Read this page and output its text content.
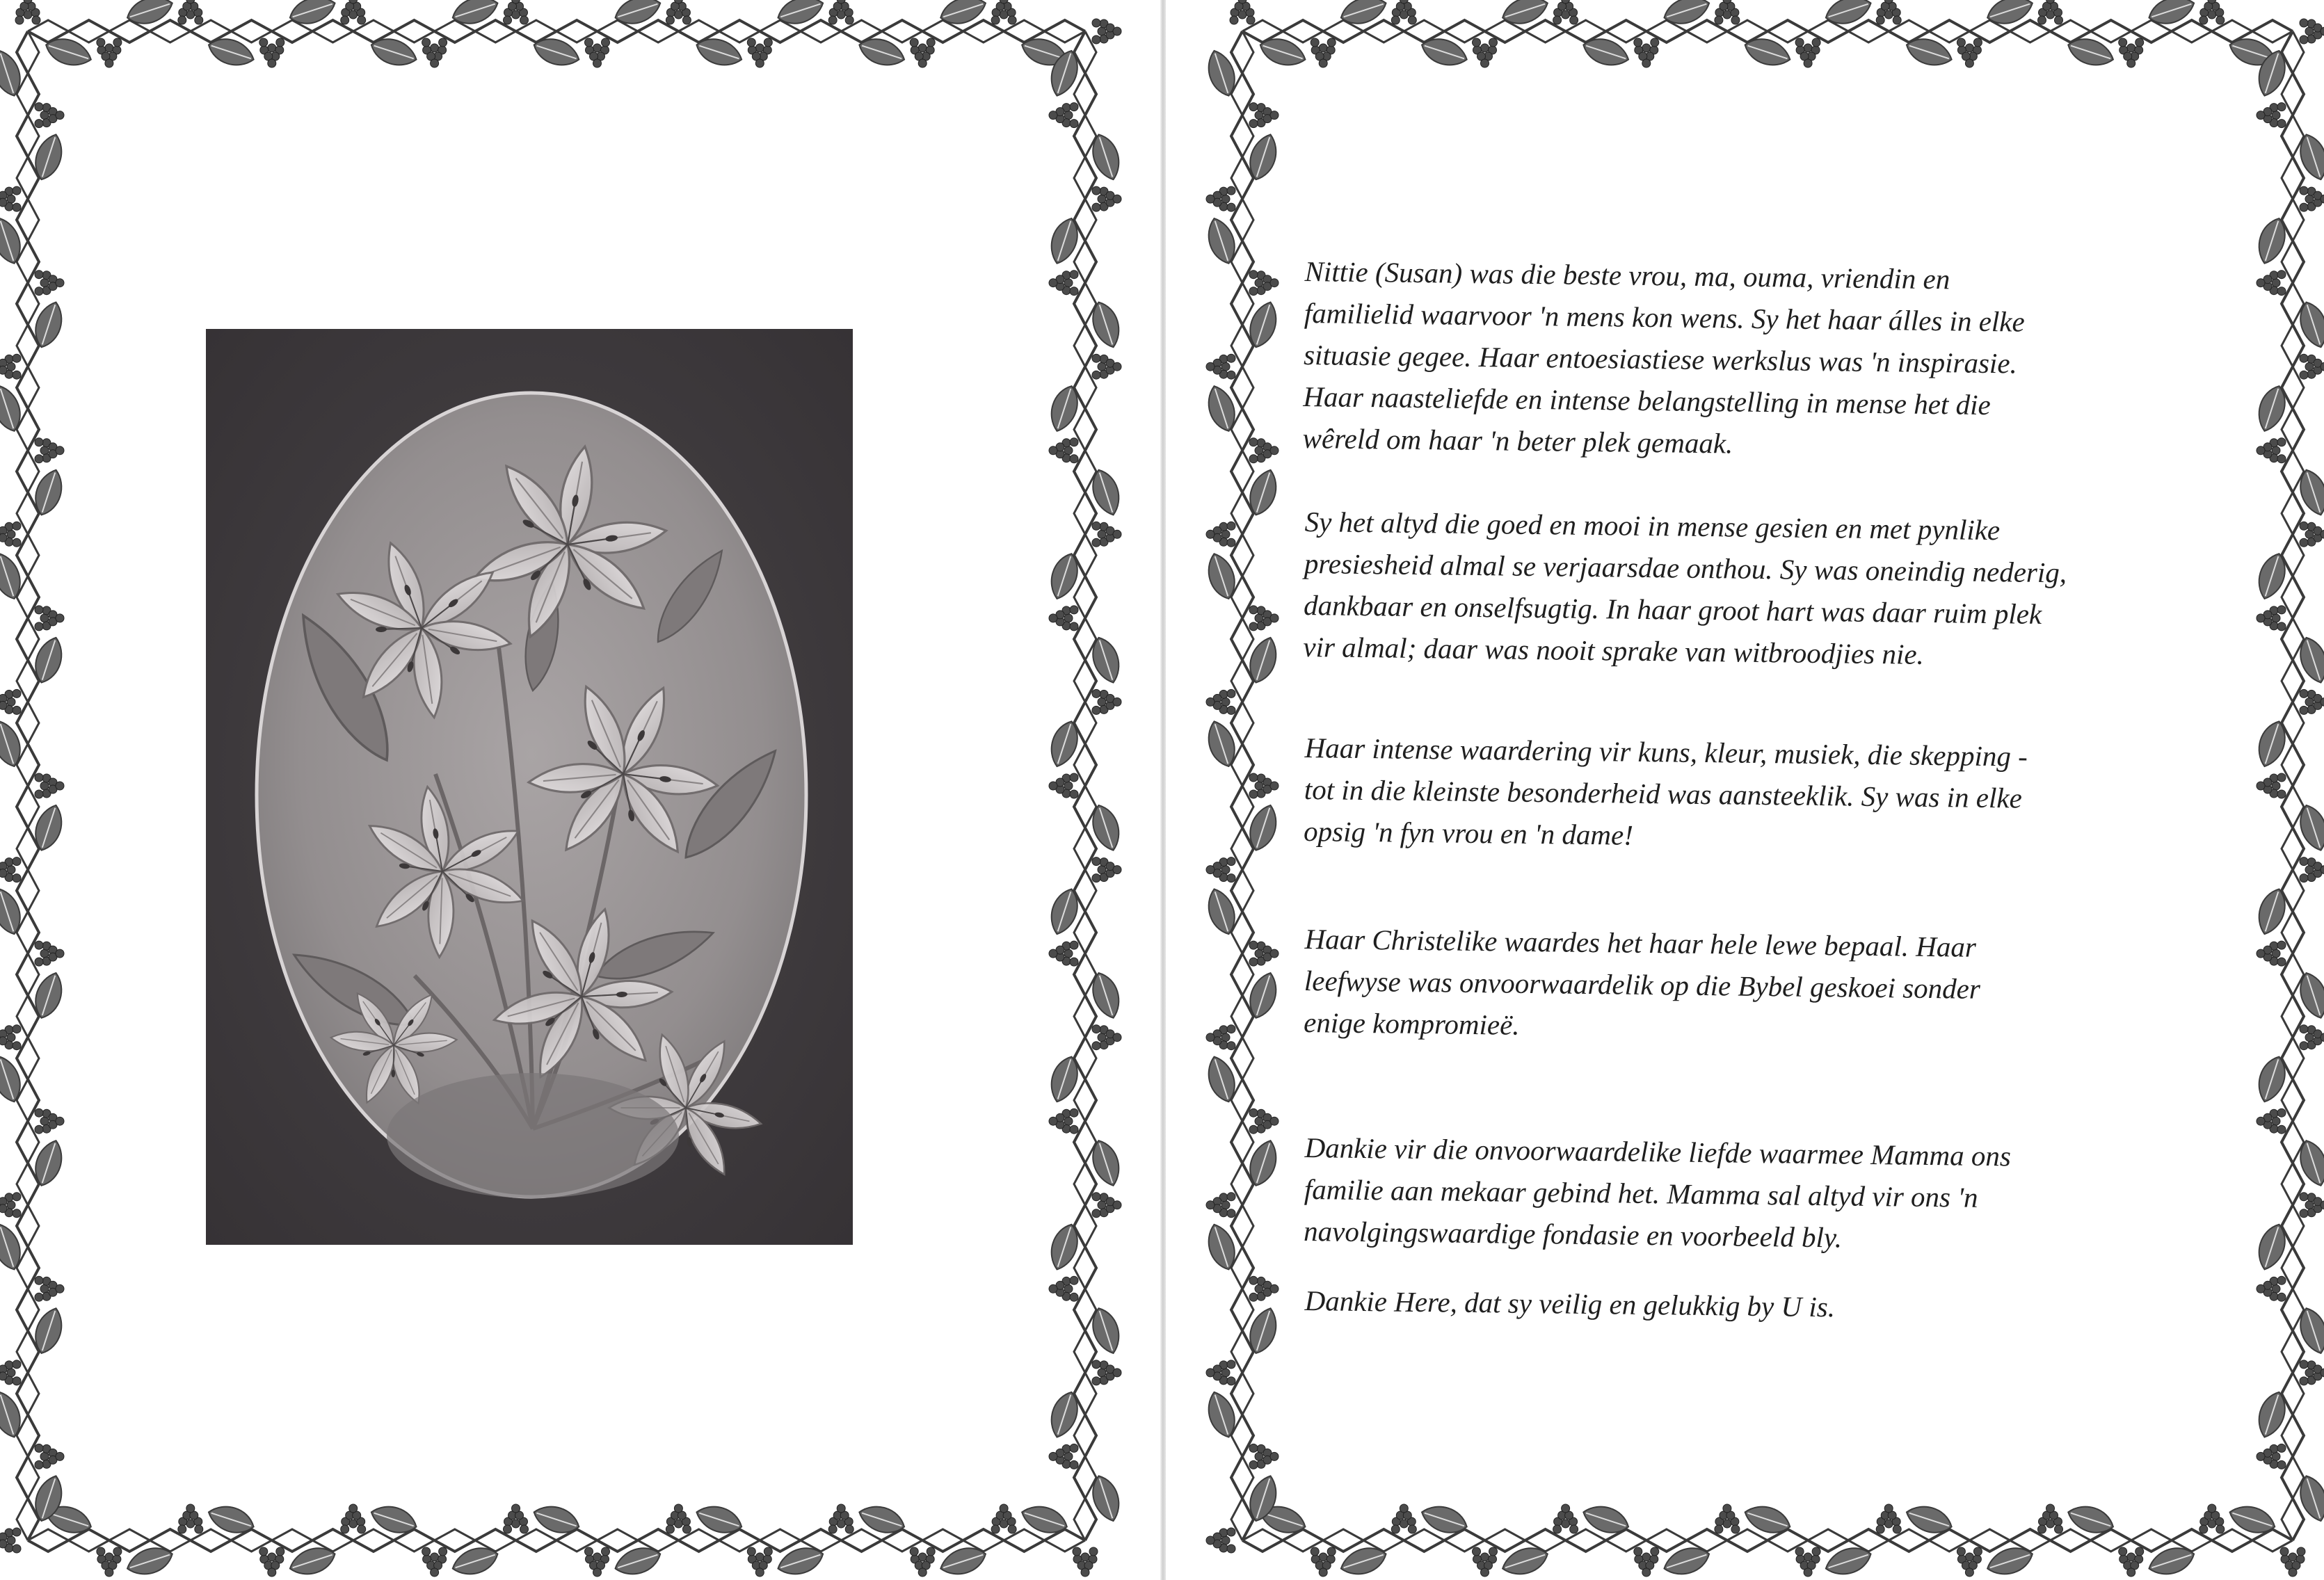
Nittie (Susan) was die beste vrou, ma, ouma, vriendin en
familielid waarvoor 'n mens kon wens. Sy het haar álles in elke
situasie gegee. Haar entoesiastiese werkslus was 'n inspirasie.
Haar naasteliefde en intense belangstelling in mense het die
wêreld om haar 'n beter plek gemaak.

Sy het altyd die goed en mooi in mense gesien en met pynlike
presiesheid almal se verjaarsdae onthou. Sy was oneindig nederig,
dankbaar en onselfsugtig. In haar groot hart was daar ruim plek
vir almal; daar was nooit sprake van witbroodjies nie.

Haar intense waardering vir kuns, kleur, musiek, die skepping -
tot in die kleinste besonderheid was aansteeklik. Sy was in elke
opsig 'n fyn vrou en 'n dame!

Haar Christelike waardes het haar hele lewe bepaal. Haar
leefwyse was onvoorwaardelik op die Bybel geskoei sonder
enige kompromieë.

Dankie vir die onvoorwaardelike liefde waarmee Mamma ons
familie aan mekaar gebind het. Mamma sal altyd vir ons 'n
navolgingswaardige fondasie en voorbeeld bly.

Dankie Here, dat sy veilig en gelukkig by U is.
